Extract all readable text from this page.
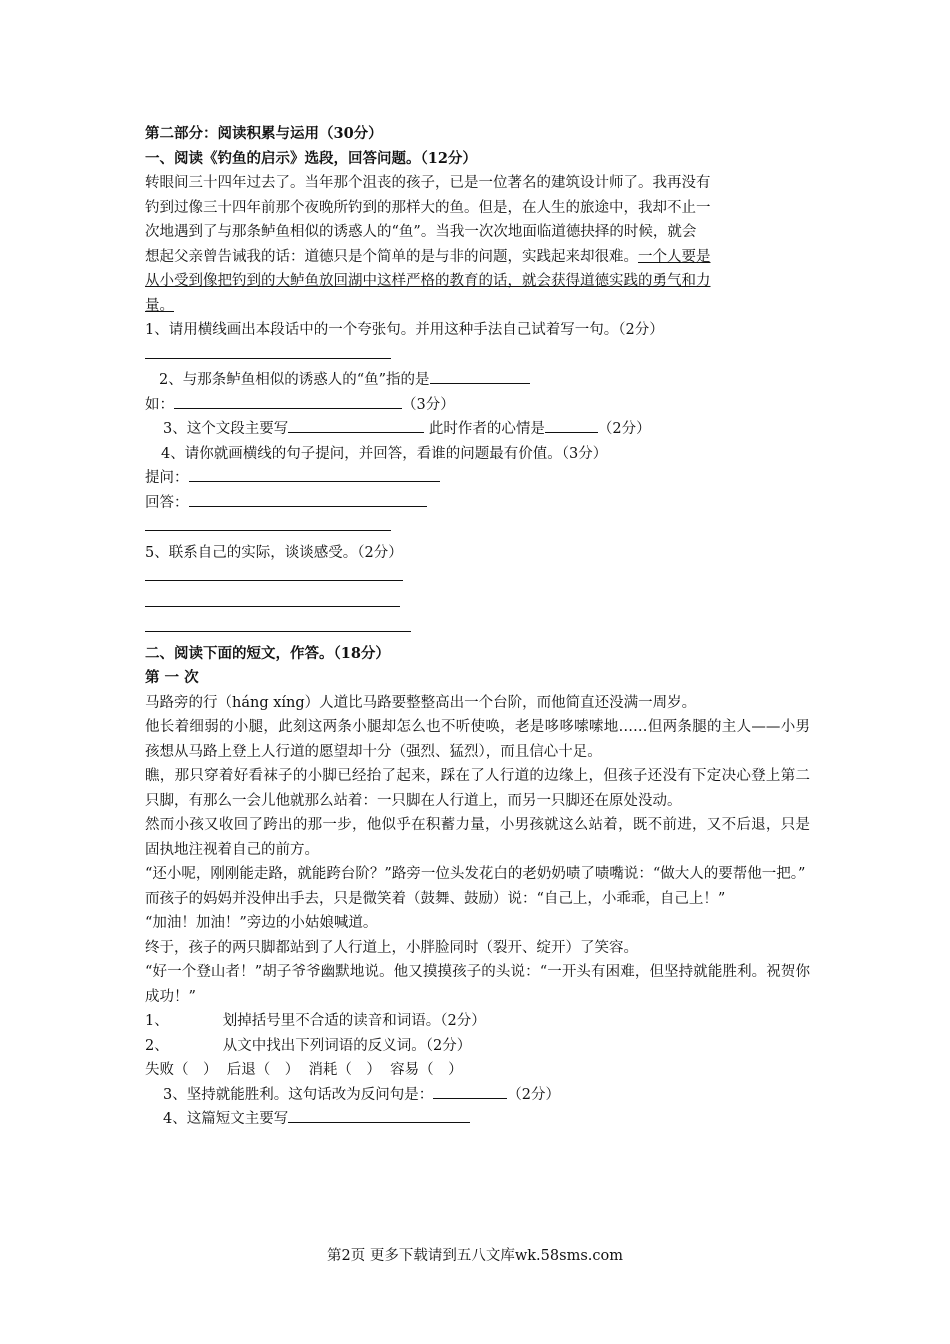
第二部分：阅读积累与运用（30分）
一、阅读《钓鱼的启示》选段，回答问题。（12分）
转眼间三十四年过去了。当年那个沮丧的孩子，已是一位著名的建筑设计师了。我再没有
钓到过像三十四年前那个夜晚所钓到的那样大的鱼。但是，在人生的旅途中，我却不止一
次地遇到了与那条鲈鱼相似的诱惑人的“鱼”。当我一次次地面临道德抉择的时候，就会
想起父亲曾告诫我的话：道德只是个简单的是与非的问题，实践起来却很难。一个人要是
从小受到像把钓到的大鲈鱼放回湖中这样严格的教育的话，就会获得道德实践的勇气和力
量。
1、请用横线画出本段话中的一个夸张句。并用这种手法自己试着写一句。（2分）
2、与那条鲈鱼相似的诱惑人的“鱼”指的是
如：	（3分）
3、这个文段主要写	此时作者的心情是	（2分）
4、请你就画横线的句子提问，并回答，看谁的问题最有价值。（3分）
提问：
回答：
5、联系自己的实际，谈谈感受。（2分）
二、阅读下面的短文，作答。（18分）
第 一 次
马路旁的行（háng xíng）人道比马路要整整高出一个台阶，而他简直还没满一周岁。
他长着细弱的小腿，此刻这两条小腿却怎么也不听使唤，老是哆哆嗦嗦地……但两条腿的主人——小男孩想从马路上登上人行道的愿望却十分（强烈、猛烈），而且信心十足。
瞧，那只穿着好看袜子的小脚已经抬了起来，踩在了人行道的边缘上，但孩子还没有下定决心登上第二只脚，有那么一会儿他就那么站着：一只脚在人行道上，而另一只脚还在原处没动。
然而小孩又收回了跨出的那一步，他似乎在积蓄力量，小男孩就这么站着，既不前进，又不后退，只是固执地注视着自己的前方。
“还小呢，刚刚能走路，就能跨台阶？”路旁一位头发花白的老奶奶啧了啧嘴说：“做大人的要帮他一把。”
而孩子的妈妈并没伸出手去，只是微笑着（鼓舞、鼓励）说：“自己上，小乖乖，自己上！”
“加油！加油！”旁边的小姑娘喊道。
终于，孩子的两只脚都站到了人行道上，小胖脸同时（裂开、绽开）了笑容。
“好一个登山者！”胡子爷爷幽默地说。他又摸摸孩子的头说：“一开头有困难，但坚持就能胜利。祝贺你成功！”
1、	划掉括号里不合适的读音和词语。（2分）
2、	从文中找出下列词语的反义词。（2分）
失败（　） 后退（　） 消耗（　） 容易（　）
3、坚持就能胜利。这句话改为反问句是：	（2分）
4、这篇短文主要写
第2页 更多下载请到五八文库wk.58sms.com
